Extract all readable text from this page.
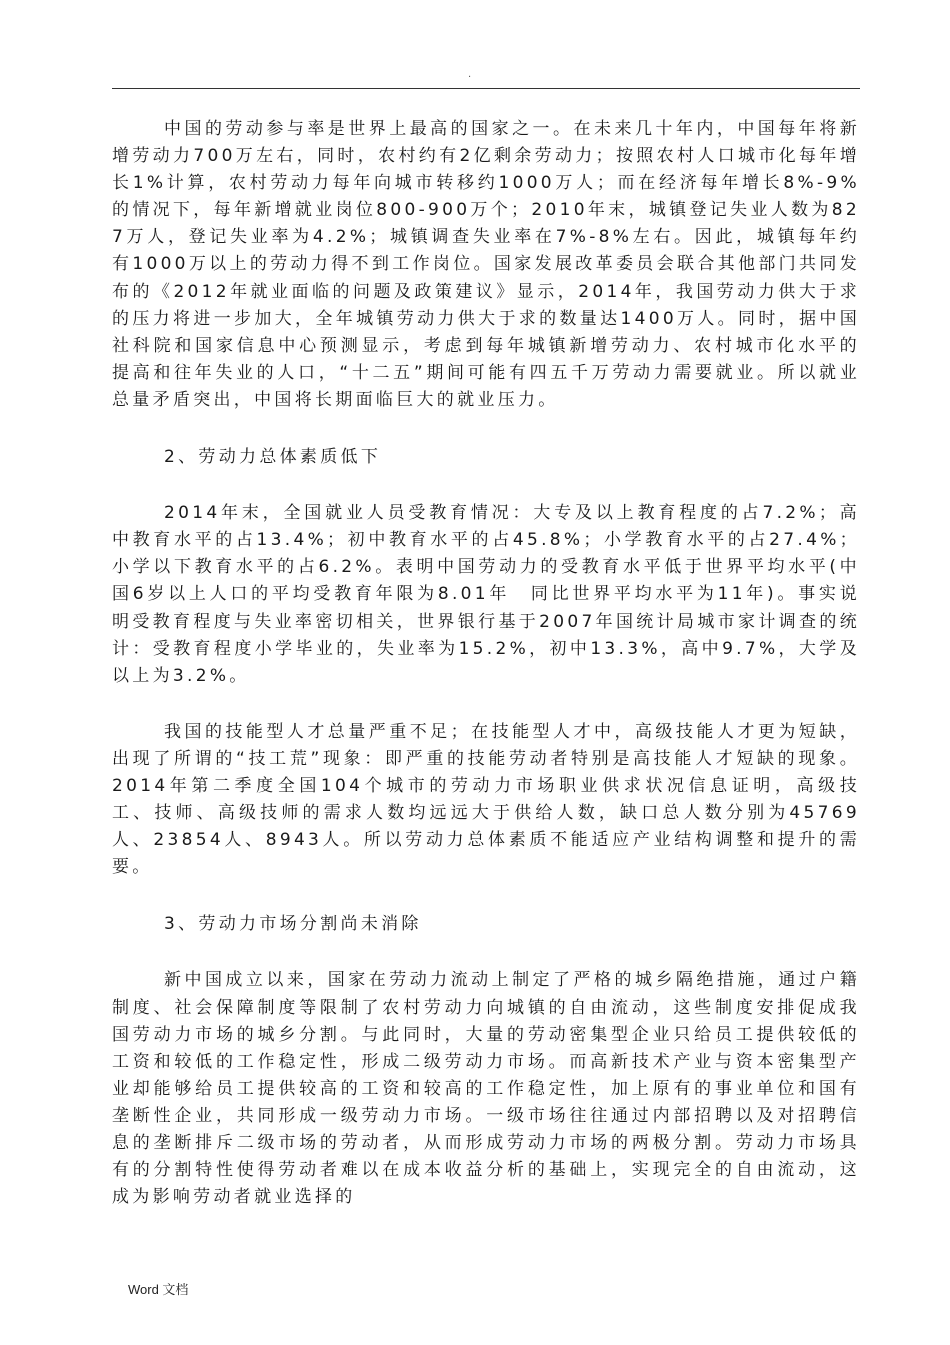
.

中国的劳动参与率是世界上最高的国家之一。在未来几十年内，中国每年将新增劳动力700万左右，同时，农村约有2亿剩余劳动力；按照农村人口城市化每年增长1%计算，农村劳动力每年向城市转移约1000万人；而在经济每年增长8%-9%的情况下，每年新增就业岗位800-900万个；2010年末，城镇登记失业人数为827万人，登记失业率为4.2%；城镇调查失业率在7%-8%左右。因此，城镇每年约有1000万以上的劳动力得不到工作岗位。国家发展改革委员会联合其他部门共同发布的《2012年就业面临的问题及政策建议》显示，2014年，我国劳动力供大于求的压力将进一步加大，全年城镇劳动力供大于求的数量达1400万人。同时，据中国社科院和国家信息中心预测显示，考虑到每年城镇新增劳动力、农村城市化水平的提高和往年失业的人口，“十二五”期间可能有四五千万劳动力需要就业。所以就业总量矛盾突出，中国将长期面临巨大的就业压力。

2、劳动力总体素质低下

2014年末，全国就业人员受教育情况：大专及以上教育程度的占7.2%；高中教育水平的占13.4%；初中教育水平的占45.8%；小学教育水平的占27.4%；小学以下教育水平的占6.2%。表明中国劳动力的受教育水平低于世界平均水平(中国6岁以上人口的平均受教育年限为8.01年　同比世界平均水平为11年)。事实说明受教育程度与失业率密切相关，世界银行基于2007年国统计局城市家计调查的统计：受教育程度小学毕业的，失业率为15.2%，初中13.3%，高中9.7%，大学及以上为3.2%。

我国的技能型人才总量严重不足；在技能型人才中，高级技能人才更为短缺，出现了所谓的“技工荒”现象：即严重的技能劳动者特别是高技能人才短缺的现象。2014年第二季度全国104个城市的劳动力市场职业供求状况信息证明，高级技工、技师、高级技师的需求人数均远远大于供给人数，缺口总人数分别为45769人、23854人、8943人。所以劳动力总体素质不能适应产业结构调整和提升的需要。

3、劳动力市场分割尚未消除

新中国成立以来，国家在劳动力流动上制定了严格的城乡隔绝措施，通过户籍制度、社会保障制度等限制了农村劳动力向城镇的自由流动，这些制度安排促成我国劳动力市场的城乡分割。与此同时，大量的劳动密集型企业只给员工提供较低的工资和较低的工作稳定性，形成二级劳动力市场。而高新技术产业与资本密集型产业却能够给员工提供较高的工资和较高的工作稳定性，加上原有的事业单位和国有垄断性企业，共同形成一级劳动力市场。一级市场往往通过内部招聘以及对招聘信息的垄断排斥二级市场的劳动者，从而形成劳动力市场的两极分割。劳动力市场具有的分割特性使得劳动者难以在成本收益分析的基础上，实现完全的自由流动，这成为影响劳动者就业选择的

Word 文档
